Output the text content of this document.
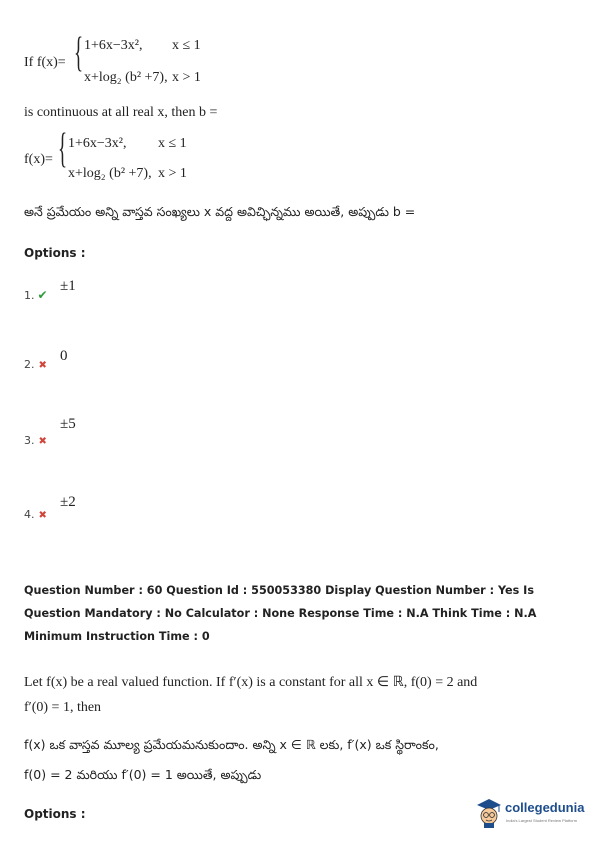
If f(x)= { 1+6x−3x², x ≤ 1
x+log₂ (b² +7), x > 1
is continuous at all real x, then b =
f(x)= { 1+6x−3x², x ≤ 1
x+log₂ (b² +7), x > 1
అనే ప్రమేయం అన్ని వాస్తవ సంఖ్యలు x వద్ద అవిచ్ఛిన్నము అయితే, అప్పుడు b =
Options :
1. ✔
±1
2. ✖
0
3. ✖
±5
4. ✖
±2
Question Number : 60 Question Id : 550053380 Display Question Number : Yes Is Question Mandatory : No Calculator : None Response Time : N.A Think Time : N.A Minimum Instruction Time : 0
Let f(x) be a real valued function. If f′(x) is a constant for all x ∈ ℝ, f(0) = 2 and
f′(0) = 1, then
f(x) ఒక వాస్తవ మూల్య ప్రమేయమనుకుందాం. అన్ని x ∈ ℝ లకు, f′(x) ఒక స్థిరాంకం,
f(0) = 2 మరియు f′(0) = 1 అయితే, అప్పుడు
Options :	collegedunia
India's Largest Student Review Platform
